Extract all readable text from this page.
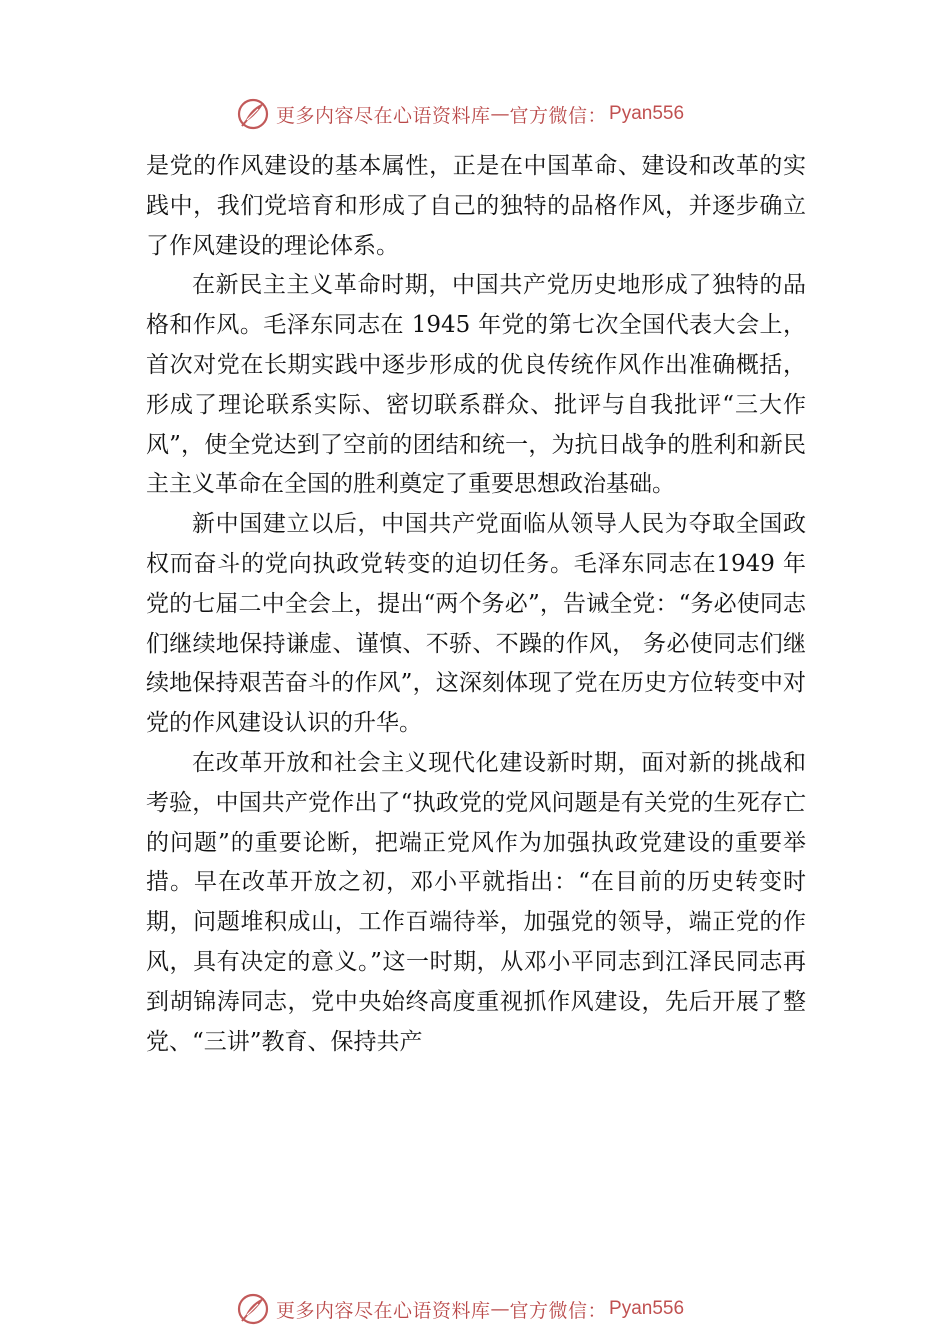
更多内容尽在心语资料库 — 官方微信： Pyan556

是党的作风建设的基本属性，正是在中国革命、建设和改革的实践中，我们党培育和形成了自己的独特的品格作风，并逐步确立了作风建设的理论体系。

在新民主主义革命时期，中国共产党历史地形成了独特的品格和作风。毛泽东同志在 1945 年党的第七次全国代表大会上，首次对党在长期实践中逐步形成的优良传统作风作出准确概括，形成了理论联系实际、密切联系群众、批评与自我批评“三大作风”，使全党达到了空前的团结和统一，为抗日战争的胜利和新民主主义革命在全国的胜利奠定了重要思想政治基础。

新中国建立以后，中国共产党面临从领导人民为夺取全国政权而奋斗的党向执政党转变的迫切任务。毛泽东同志在1949 年党的七届二中全会上，提出“两个务必”，告诫全党：“务必使同志们继续地保持谦虚、谨慎、不骄、不躁的作风， 务必使同志们继续地保持艰苦奋斗的作风”，这深刻体现了党在历史方位转变中对党的作风建设认识的升华。

在改革开放和社会主义现代化建设新时期，面对新的挑战和考验，中国共产党作出了“执政党的党风问题是有关党的生死存亡的问题”的重要论断，把端正党风作为加强执政党建设的重要举措。早在改革开放之初，邓小平就指出：“在目前的历史转变时期，问题堆积成山，工作百端待举，加强党的领导，端正党的作风，具有决定的意义。”这一时期，从邓小平同志到江泽民同志再到胡锦涛同志，党中央始终高度重视抓作风建设，先后开展了整党、“三讲”教育、保持共产

更多内容尽在心语资料库 — 官方微信： Pyan556
